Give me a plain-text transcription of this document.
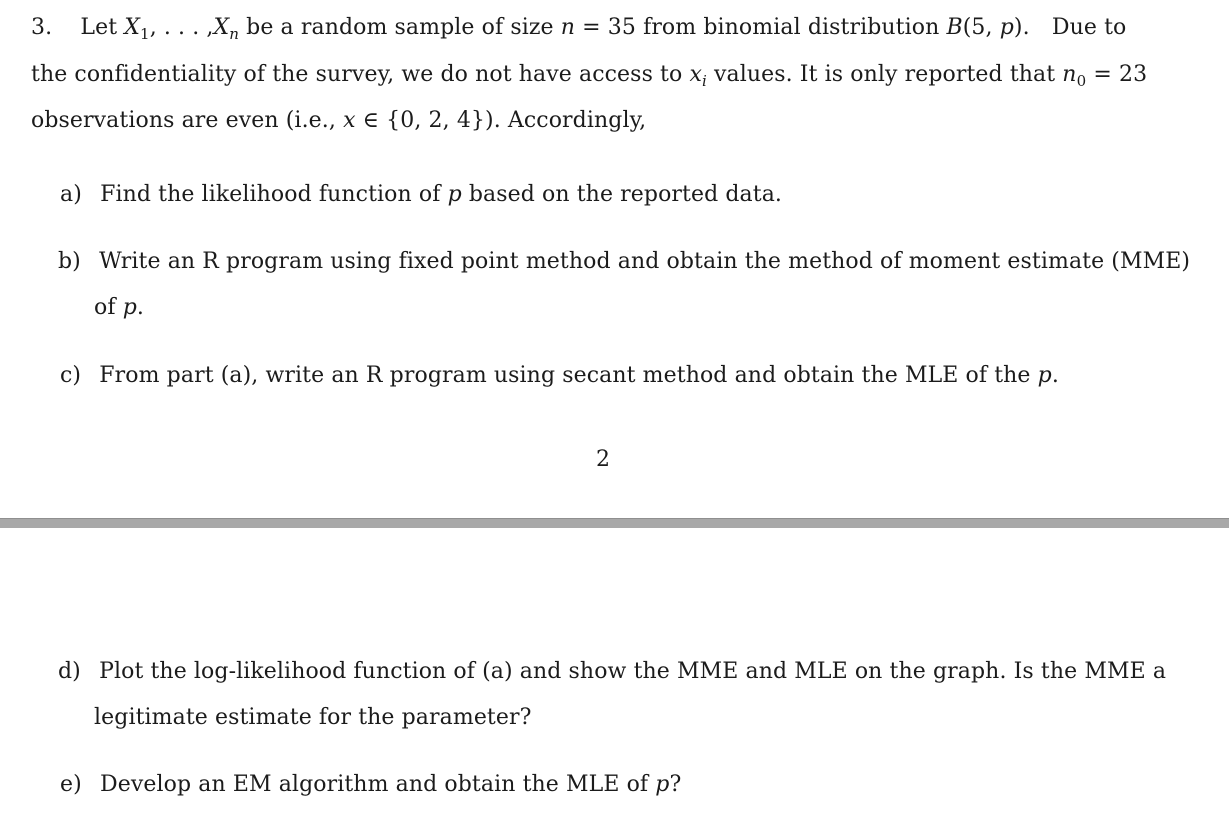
3. Let $X_1$, . . . $,X_n$ be a random sample of size n = 35 from binomial distribution B(5, p). Due to
the confidentiality of the survey, we do not have access to $x_i$ values. It is only reported that $n_0 = 23$
observations are even (i.e., x ∈ {0, 2, 4}). Accordingly,
a) Find the likelihood function of p based on the reported data.
b) Write an R program using fixed point method and obtain the method of moment estimate (MME)
of p.
c) From part (a), write an R program using secant method and obtain the MLE of the p.
2
d) Plot the log-likelihood function of (a) and show the MME and MLE on the graph. Is the MME a
legitimate estimate for the parameter?
e) Develop an EM algorithm and obtain the MLE of p?
